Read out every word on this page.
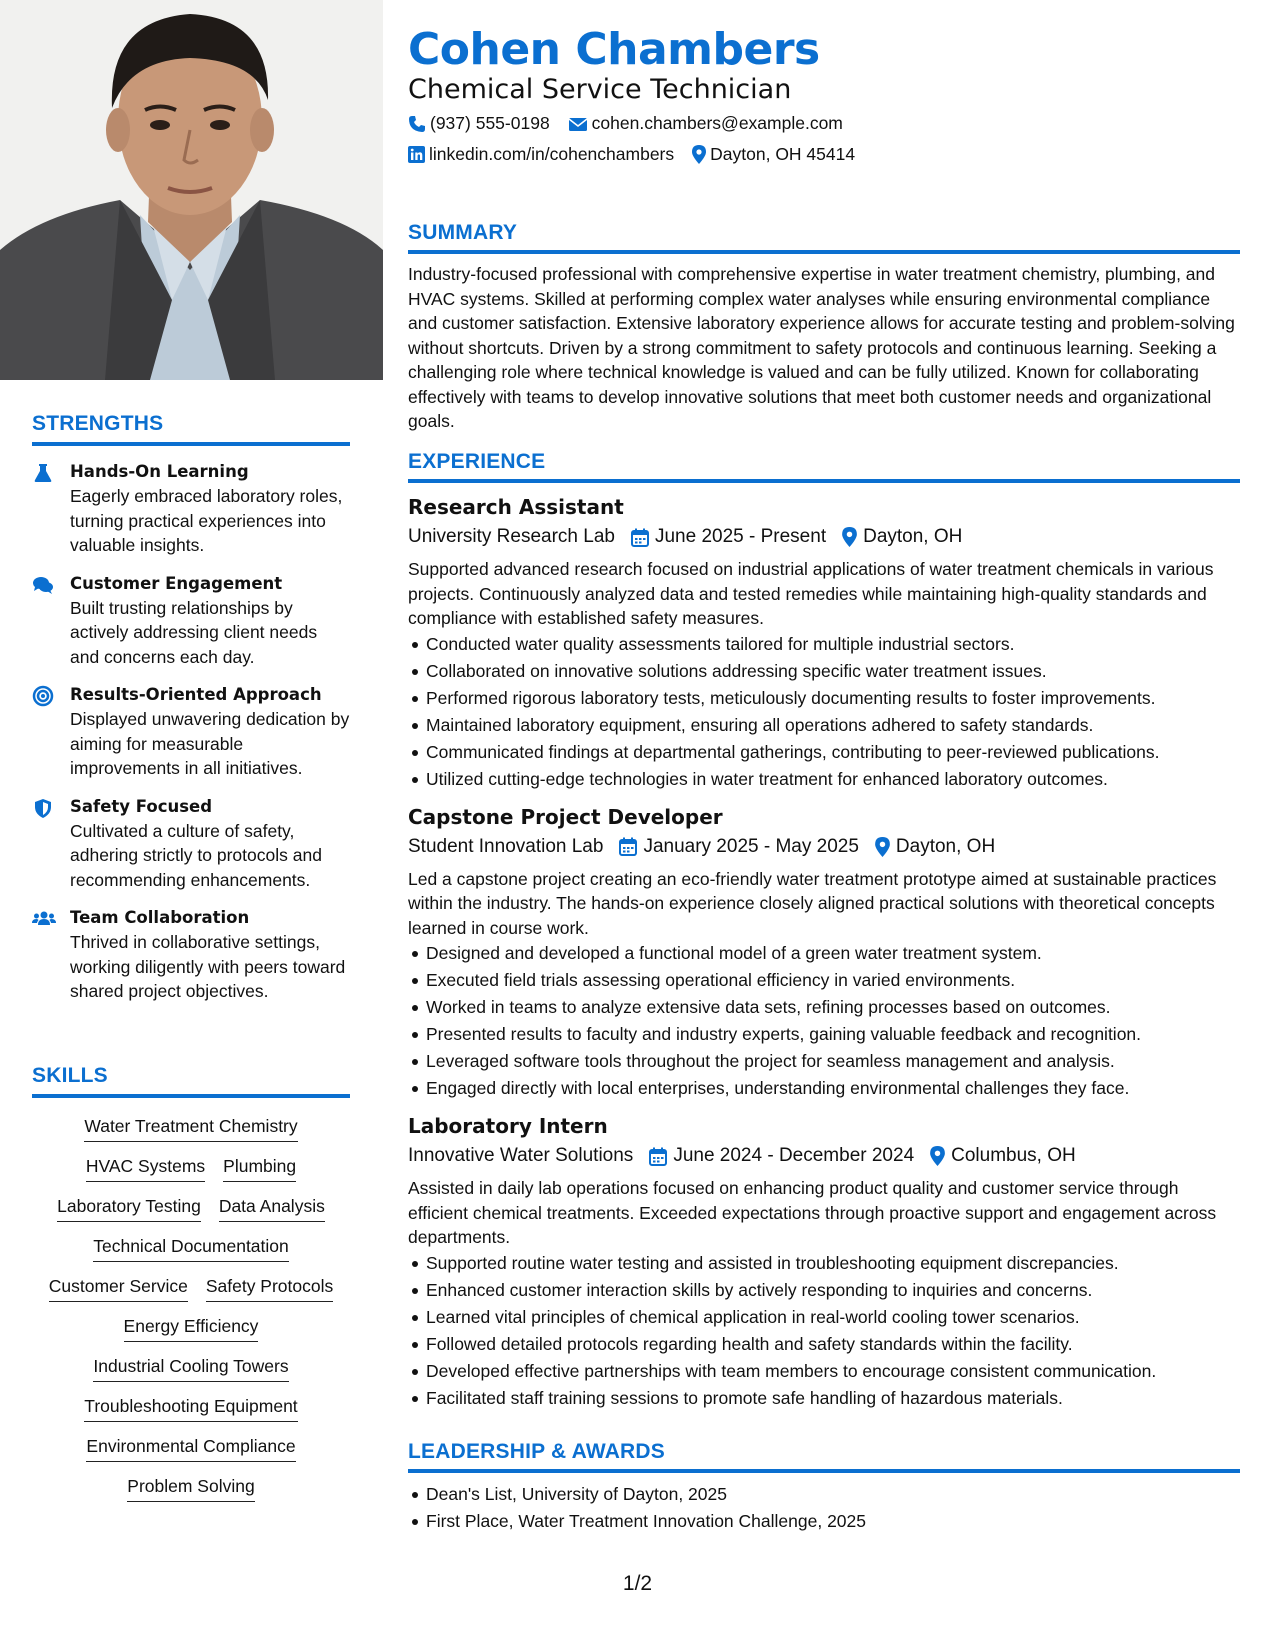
STRENGTHS
Hands-On Learning
Eagerly embraced laboratory roles, turning practical experiences into valuable insights.
Customer Engagement
Built trusting relationships by actively addressing client needs and concerns each day.
Results-Oriented Approach
Displayed unwavering dedication by aiming for measurable improvements in all initiatives.
Safety Focused
Cultivated a culture of safety, adhering strictly to protocols and recommending enhancements.
Team Collaboration
Thrived in collaborative settings, working diligently with peers toward shared project objectives.
SKILLS
Water Treatment Chemistry
HVAC Systems Plumbing
Laboratory Testing Data Analysis
Technical Documentation
Customer Service Safety Protocols
Energy Efficiency
Industrial Cooling Towers
Troubleshooting Equipment
Environmental Compliance
Problem Solving
Cohen Chambers
Chemical Service Technician
(937) 555-0198 cohen.chambers@example.com
linkedin.com/in/cohenchambers Dayton, OH 45414
SUMMARY

Industry-focused professional with comprehensive expertise in water treatment chemistry, plumbing, and HVAC systems. Skilled at performing complex water analyses while ensuring environmental compliance and customer satisfaction. Extensive laboratory experience allows for accurate testing and problem-solving without shortcuts. Driven by a strong commitment to safety protocols and continuous learning. Seeking a challenging role where technical knowledge is valued and can be fully utilized. Known for collaborating effectively with teams to develop innovative solutions that meet both customer needs and organizational goals.

EXPERIENCE
Research Assistant
University Research Lab June 2025 - Present Dayton, OH
Supported advanced research focused on industrial applications of water treatment chemicals in various projects. Continuously analyzed data and tested remedies while maintaining high-quality standards and compliance with established safety measures.
Conducted water quality assessments tailored for multiple industrial sectors.
Collaborated on innovative solutions addressing specific water treatment issues.
Performed rigorous laboratory tests, meticulously documenting results to foster improvements.
Maintained laboratory equipment, ensuring all operations adhered to safety standards.
Communicated findings at departmental gatherings, contributing to peer-reviewed publications.
Utilized cutting-edge technologies in water treatment for enhanced laboratory outcomes.
Capstone Project Developer
Student Innovation Lab January 2025 - May 2025 Dayton, OH
Led a capstone project creating an eco-friendly water treatment prototype aimed at sustainable practices within the industry. The hands-on experience closely aligned practical solutions with theoretical concepts learned in course work.
Designed and developed a functional model of a green water treatment system.
Executed field trials assessing operational efficiency in varied environments.
Worked in teams to analyze extensive data sets, refining processes based on outcomes.
Presented results to faculty and industry experts, gaining valuable feedback and recognition.
Leveraged software tools throughout the project for seamless management and analysis.
Engaged directly with local enterprises, understanding environmental challenges they face.
Laboratory Intern
Innovative Water Solutions June 2024 - December 2024 Columbus, OH
Assisted in daily lab operations focused on enhancing product quality and customer service through efficient chemical treatments. Exceeded expectations through proactive support and engagement across departments.
Supported routine water testing and assisted in troubleshooting equipment discrepancies.
Enhanced customer interaction skills by actively responding to inquiries and concerns.
Learned vital principles of chemical application in real-world cooling tower scenarios.
Followed detailed protocols regarding health and safety standards within the facility.
Developed effective partnerships with team members to encourage consistent communication.
Facilitated staff training sessions to promote safe handling of hazardous materials.
LEADERSHIP & AWARDS
Dean's List, University of Dayton, 2025
First Place, Water Treatment Innovation Challenge, 2025
1/2
